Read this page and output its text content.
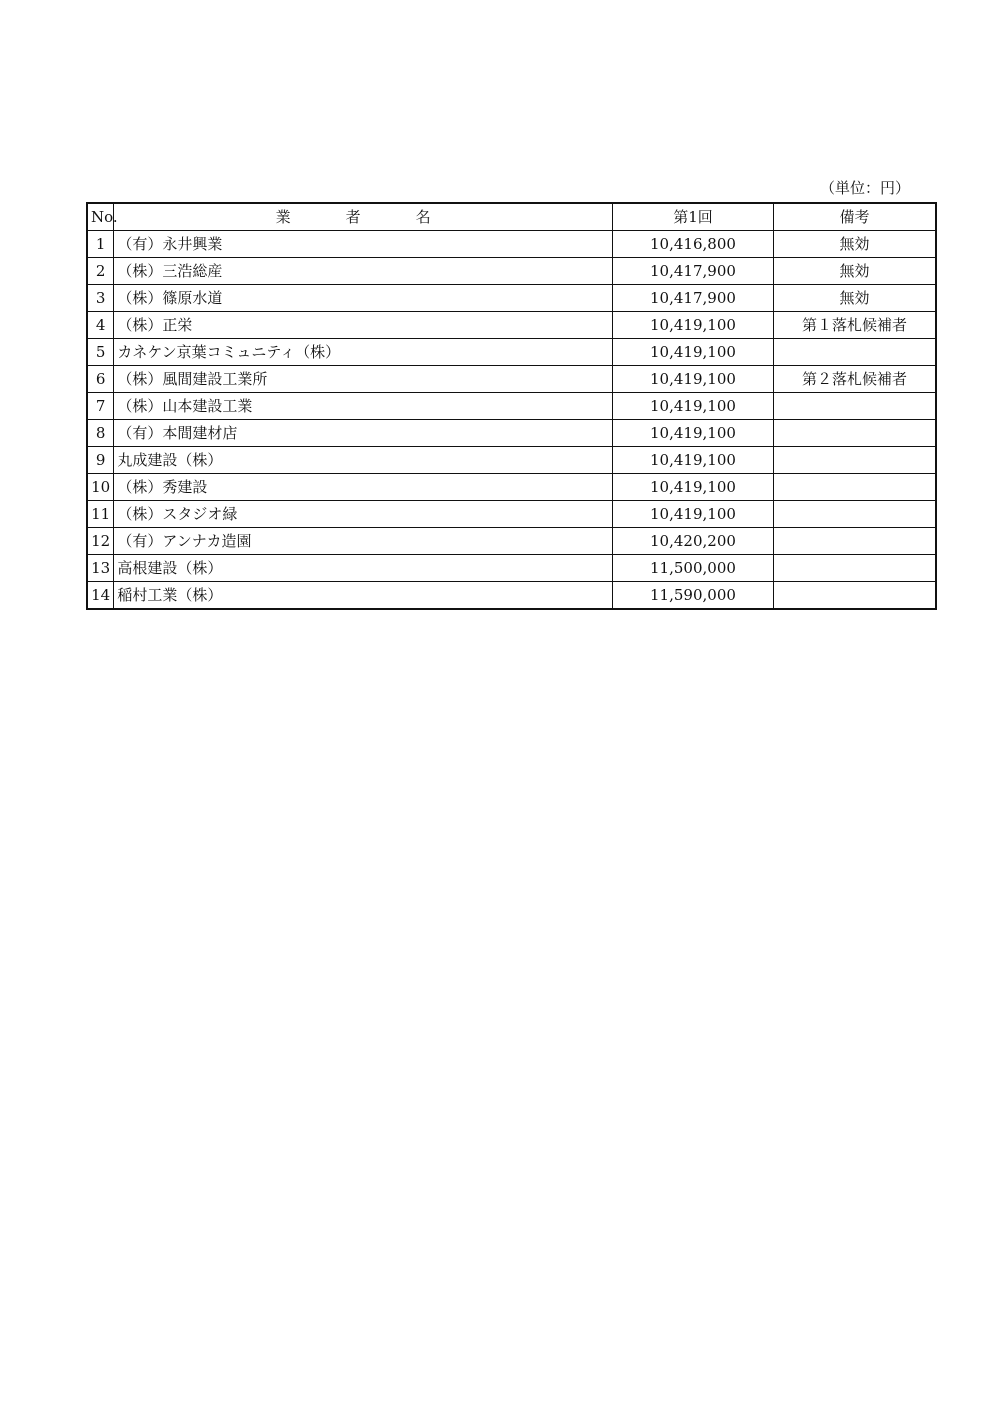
（単位：円）
No.	業　者　名	第1回	備考
1	（有）永井興業	10,416,800	無効
2	（株）三浩総産	10,417,900	無効
3	（株）篠原水道	10,417,900	無効
4	（株）正栄	10,419,100	第１落札候補者
5	カネケン京葉コミュニティ（株）	10,419,100	
6	（株）風間建設工業所	10,419,100	第２落札候補者
7	（株）山本建設工業	10,419,100	
8	（有）本間建材店	10,419,100	
9	丸成建設（株）	10,419,100	
10	（株）秀建設	10,419,100	
11	（株）スタジオ緑	10,419,100	
12	（有）アンナカ造園	10,420,200	
13	高根建設（株）	11,500,000	
14	稲村工業（株）	11,590,000	
